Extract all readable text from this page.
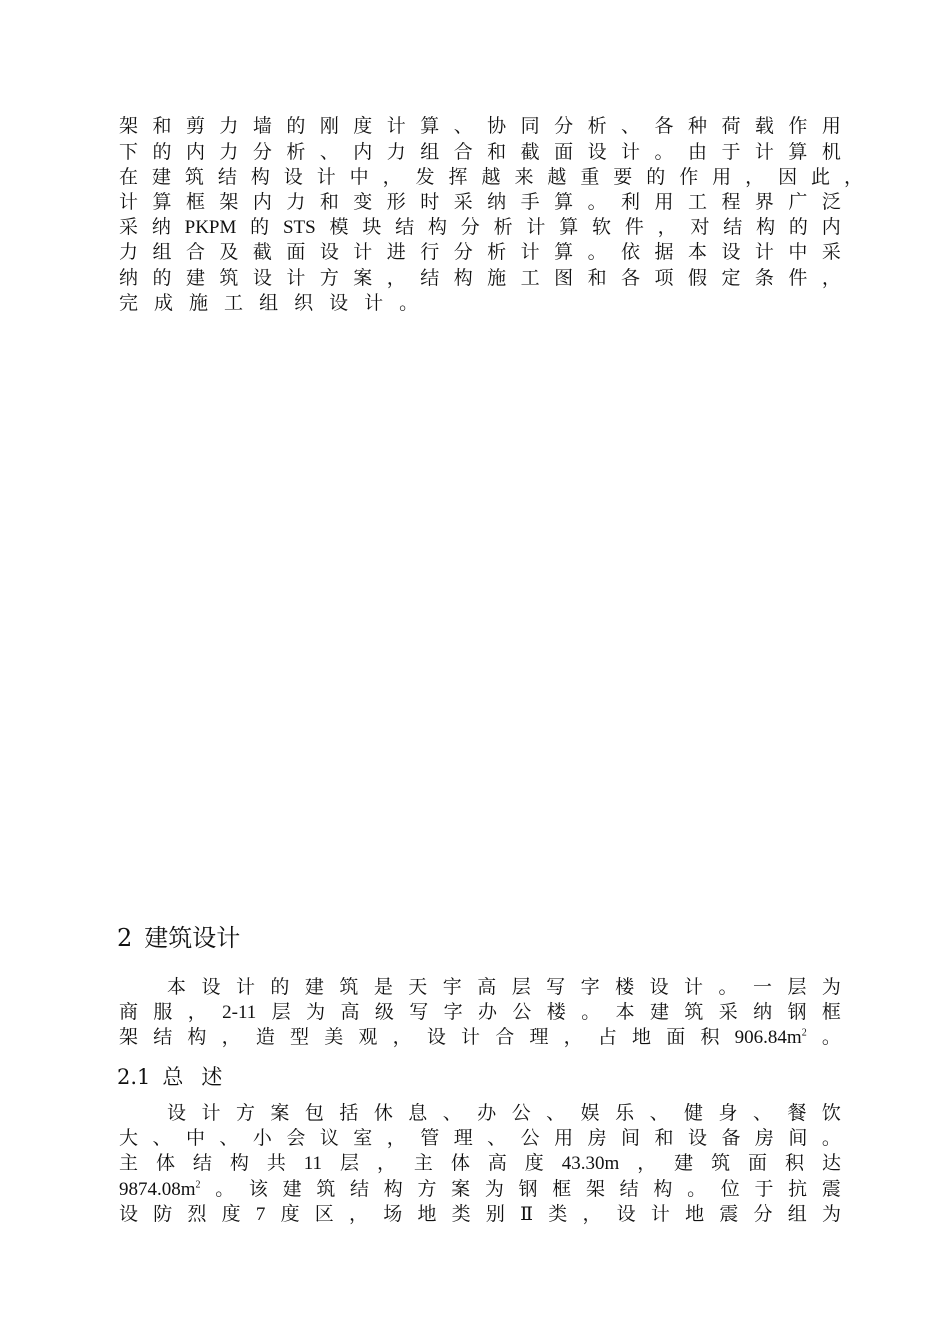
架 和 剪 力 墙 的 刚 度 计 算 、 协 同 分 析 、 各 种 荷 载 作 用
下 的 内 力 分 析 、 内 力 组 合 和 截 面 设 计 。 由 于 计 算 机
在 建 筑 结 构 设 计 中 ， 发 挥 越 来 越 重 要 的 作 用 ， 因 此 ，
计 算 框 架 内 力 和 变 形 时 采 纳 手 算 。 利 用 工 程 界 广 泛
采 纳 PKPM 的 STS 模 块 结 构 分 析 计 算 软 件 ， 对 结 构 的 内
力 组 合 及 截 面 设 计 进 行 分 析 计 算 。 依 据 本 设 计 中 采
纳 的 建 筑 设 计 方 案 ， 结 构 施 工 图 和 各 项 假 定 条 件 ，
完 成 施 工 组 织 设 计 。
2 建筑设计
本 设 计 的 建 筑 是 天 宇 高 层 写 字 楼 设 计 。 一 层 为
商 服 ， 2-11 层 为 高 级 写 字 办 公 楼 。 本 建 筑 采 纳 钢 框
架 结 构 ， 造 型 美 观 ， 设 计 合 理 ， 占 地 面 积 $906.84m^2$ 。
2.1 总述
设 计 方 案 包 括 休 息 、 办 公 、 娱 乐 、 健 身 、 餐 饮
大 、 中 、 小 会 议 室 ， 管 理 、 公 用 房 间 和 设 备 房 间 。
主 体 结 构 共 11 层 ， 主 体 高 度 43.30m ， 建 筑 面 积 达
$9874.08m^2$ 。 该 建 筑 结 构 方 案 为 钢 框 架 结 构 。 位 于 抗 震
设 防 烈 度 7 度 区 ， 场 地 类 别 Ⅱ 类 ， 设 计 地 震 分 组 为
